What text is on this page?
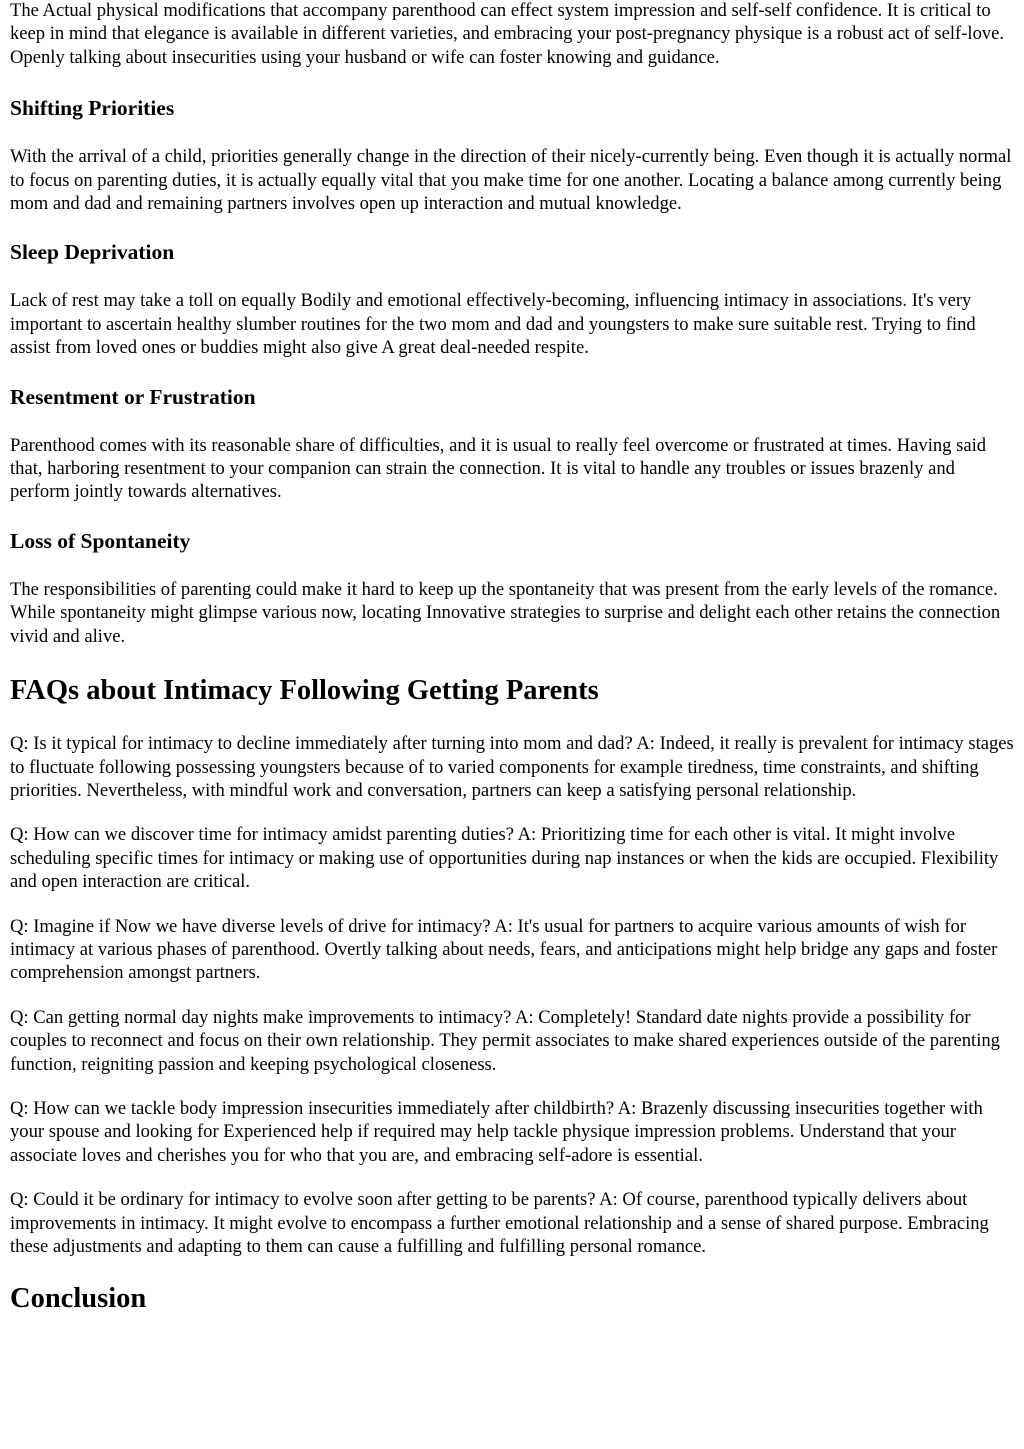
The Actual physical modifications that accompany parenthood can effect system impression and self-self confidence. It is critical to keep in mind that elegance is available in different varieties, and embracing your post-pregnancy physique is a robust act of self-love. Openly talking about insecurities using your husband or wife can foster knowing and guidance.

Shifting Priorities

With the arrival of a child, priorities generally change in the direction of their nicely-currently being. Even though it is actually normal to focus on parenting duties, it is actually equally vital that you make time for one another. Locating a balance among currently being mom and dad and remaining partners involves open up interaction and mutual knowledge.

Sleep Deprivation

Lack of rest may take a toll on equally Bodily and emotional effectively-becoming, influencing intimacy in associations. It's very important to ascertain healthy slumber routines for the two mom and dad and youngsters to make sure suitable rest. Trying to find assist from loved ones or buddies might also give A great deal-needed respite.

Resentment or Frustration

Parenthood comes with its reasonable share of difficulties, and it is usual to really feel overcome or frustrated at times. Having said that, harboring resentment to your companion can strain the connection. It is vital to handle any troubles or issues brazenly and perform jointly towards alternatives.

Loss of Spontaneity

The responsibilities of parenting could make it hard to keep up the spontaneity that was present from the early levels of the romance. While spontaneity might glimpse various now, locating Innovative strategies to surprise and delight each other retains the connection vivid and alive.

FAQs about Intimacy Following Getting Parents

Q: Is it typical for intimacy to decline immediately after turning into mom and dad? A: Indeed, it really is prevalent for intimacy stages to fluctuate following possessing youngsters because of to varied components for example tiredness, time constraints, and shifting priorities. Nevertheless, with mindful work and conversation, partners can keep a satisfying personal relationship.

Q: How can we discover time for intimacy amidst parenting duties? A: Prioritizing time for each other is vital. It might involve scheduling specific times for intimacy or making use of opportunities during nap instances or when the kids are occupied. Flexibility and open interaction are critical.

Q: Imagine if Now we have diverse levels of drive for intimacy? A: It's usual for partners to acquire various amounts of wish for intimacy at various phases of parenthood. Overtly talking about needs, fears, and anticipations might help bridge any gaps and foster comprehension amongst partners.

Q: Can getting normal day nights make improvements to intimacy? A: Completely! Standard date nights provide a possibility for couples to reconnect and focus on their own relationship. They permit associates to make shared experiences outside of the parenting function, reigniting passion and keeping psychological closeness.

Q: How can we tackle body impression insecurities immediately after childbirth? A: Brazenly discussing insecurities together with your spouse and looking for Experienced help if required may help tackle physique impression problems. Understand that your associate loves and cherishes you for who that you are, and embracing self-adore is essential.

Q: Could it be ordinary for intimacy to evolve soon after getting to be parents? A: Of course, parenthood typically delivers about improvements in intimacy. It might evolve to encompass a further emotional relationship and a sense of shared purpose. Embracing these adjustments and adapting to them can cause a fulfilling and fulfilling personal romance.

Conclusion
